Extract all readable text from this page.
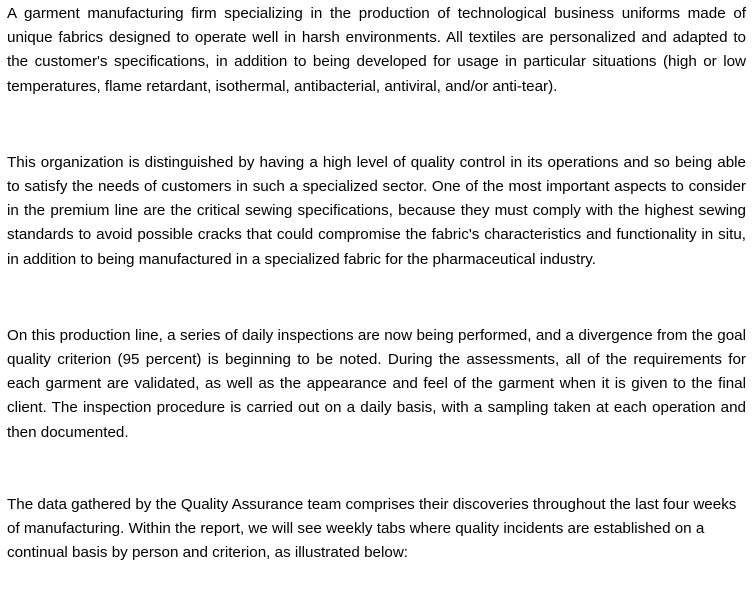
A garment manufacturing firm specializing in the production of technological business uniforms made of unique fabrics designed to operate well in harsh environments. All textiles are personalized and adapted to the customer's specifications, in addition to being developed for usage in particular situations (high or low temperatures, flame retardant, isothermal, antibacterial, antiviral, and/or anti-tear).

This organization is distinguished by having a high level of quality control in its operations and so being able to satisfy the needs of customers in such a specialized sector. One of the most important aspects to consider in the premium line are the critical sewing specifications, because they must comply with the highest sewing standards to avoid possible cracks that could compromise the fabric's characteristics and functionality in situ, in addition to being manufactured in a specialized fabric for the pharmaceutical industry.

On this production line, a series of daily inspections are now being performed, and a divergence from the goal quality criterion (95 percent) is beginning to be noted. During the assessments, all of the requirements for each garment are validated, as well as the appearance and feel of the garment when it is given to the final client. The inspection procedure is carried out on a daily basis, with a sampling taken at each operation and then documented.

The data gathered by the Quality Assurance team comprises their discoveries throughout the last four weeks of manufacturing. Within the report, we will see weekly tabs where quality incidents are established on a continual basis by person and criterion, as illustrated below:
